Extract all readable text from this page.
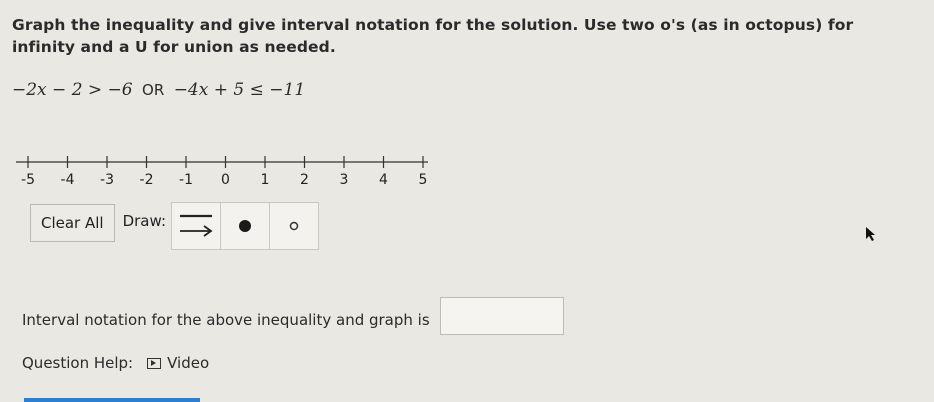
Graph the inequality and give interval notation for the solution. Use two o's (as in octopus) for infinity and a U for union as needed.
−2x − 2 > −6 OR −4x + 5 ≤ −11
-5 -4 -3 -2 -1 0 1 2 3 4 5
Clear All	Draw:
Interval notation for the above inequality and graph is
Question Help: Video
